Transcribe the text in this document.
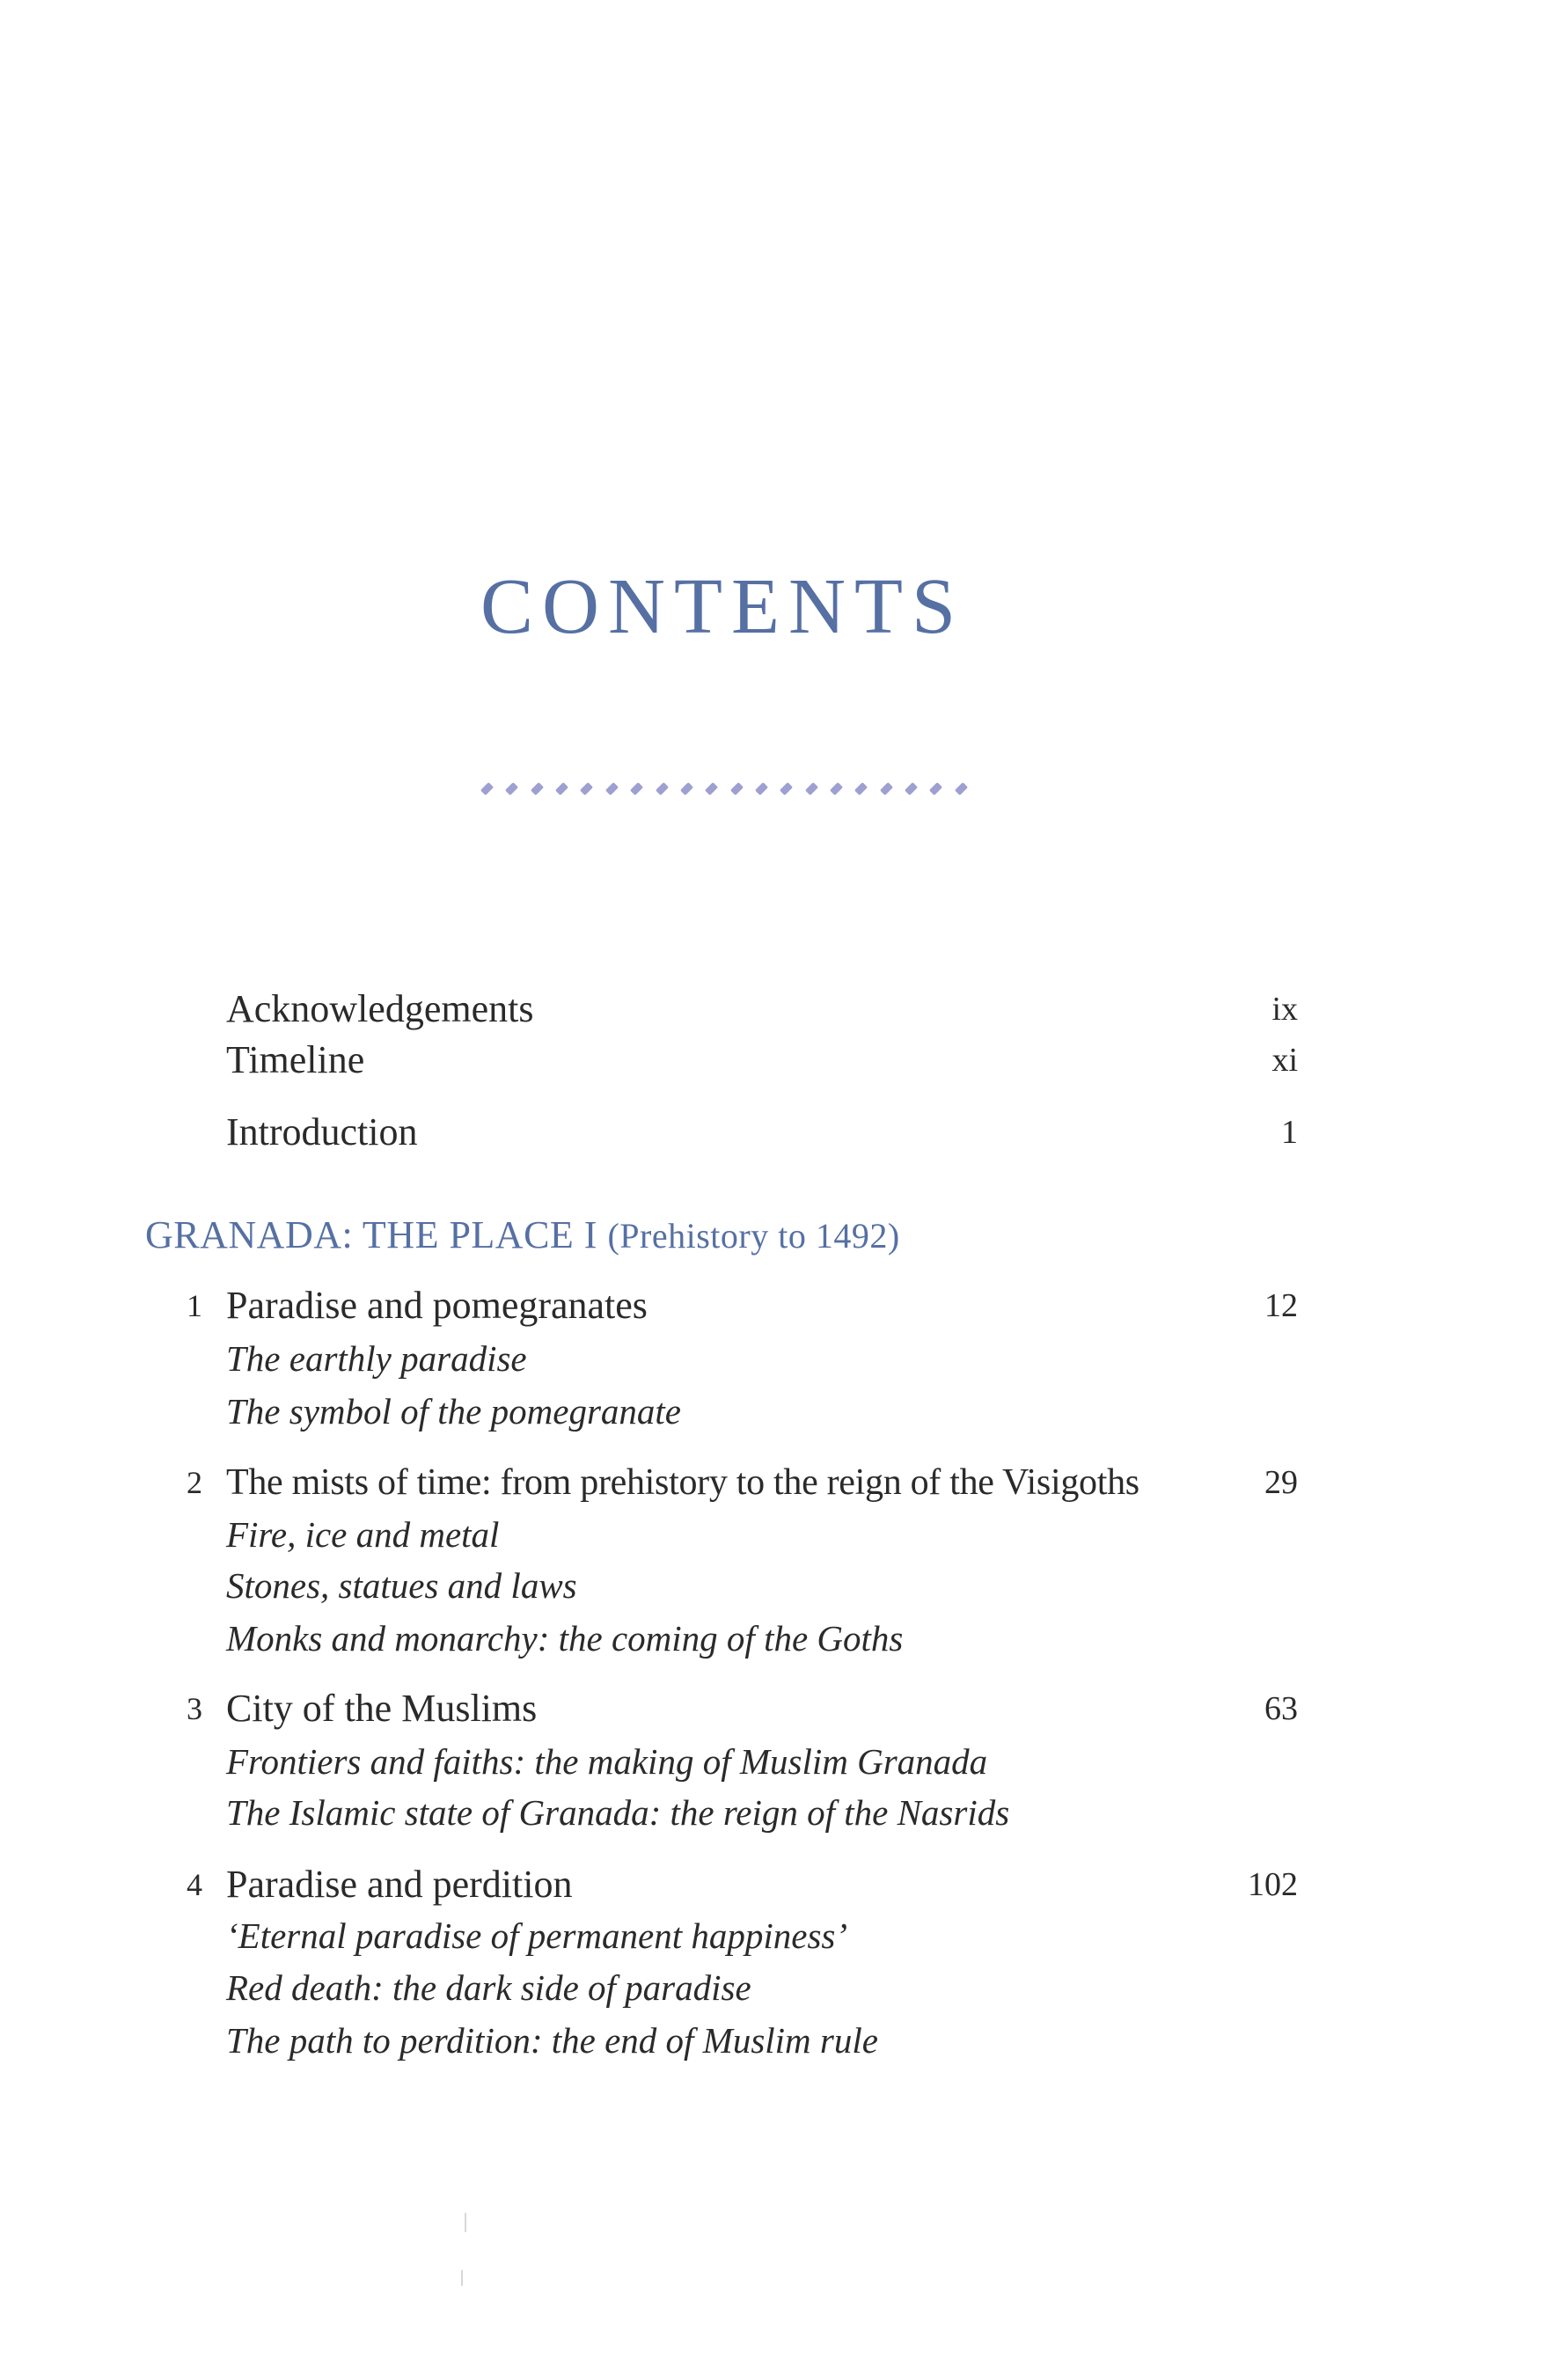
CONTENTS
Acknowledgements	ix
Timeline	xi
Introduction	1
GRANADA: THE PLACE I (Prehistory to 1492)
1 Paradise and pomegranates	12
The earthly paradise
The symbol of the pomegranate
2 The mists of time: from prehistory to the reign of the Visigoths	29
Fire, ice and metal
Stones, statues and laws
Monks and monarchy: the coming of the Goths
3 City of the Muslims	63
Frontiers and faiths: the making of Muslim Granada
The Islamic state of Granada: the reign of the Nasrids
4 Paradise and perdition	102
‘Eternal paradise of permanent happiness’
Red death: the dark side of paradise
The path to perdition: the end of Muslim rule
